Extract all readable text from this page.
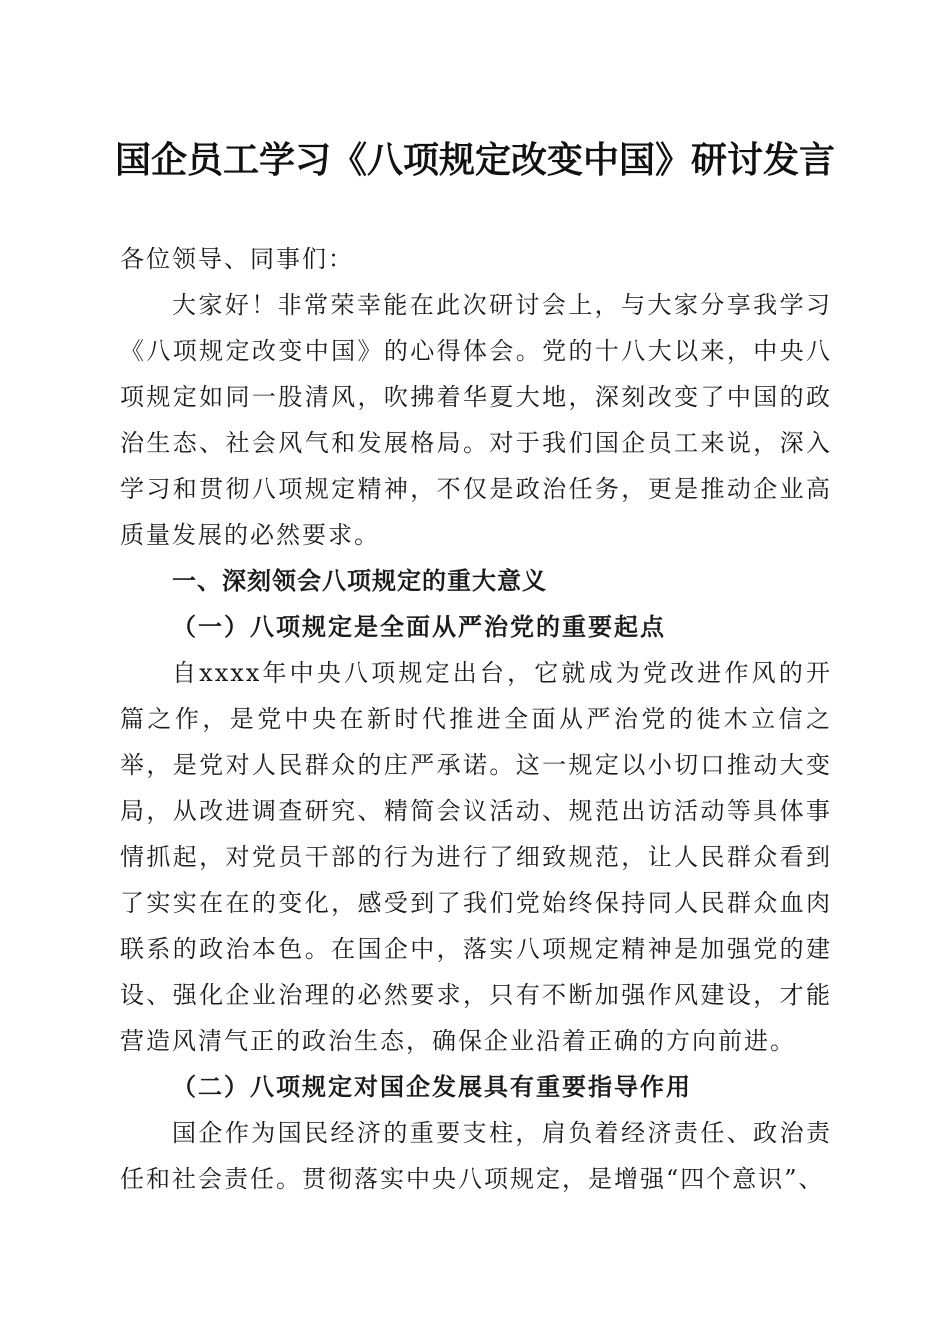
国企员工学习《八项规定改变中国》研讨发言

各位领导、同事们：

大家好！非常荣幸能在此次研讨会上，与大家分享我学习《八项规定改变中国》的心得体会。党的十八大以来，中央八项规定如同一股清风，吹拂着华夏大地，深刻改变了中国的政治生态、社会风气和发展格局。对于我们国企员工来说，深入学习和贯彻八项规定精神，不仅是政治任务，更是推动企业高质量发展的必然要求。

一、深刻领会八项规定的重大意义

（一）八项规定是全面从严治党的重要起点

自xxxx年中央八项规定出台，它就成为党改进作风的开篇之作，是党中央在新时代推进全面从严治党的徙木立信之举，是党对人民群众的庄严承诺。这一规定以小切口推动大变局，从改进调查研究、精简会议活动、规范出访活动等具体事情抓起，对党员干部的行为进行了细致规范，让人民群众看到了实实在在的变化，感受到了我们党始终保持同人民群众血肉联系的政治本色。在国企中，落实八项规定精神是加强党的建设、强化企业治理的必然要求，只有不断加强作风建设，才能营造风清气正的政治生态，确保企业沿着正确的方向前进。

（二）八项规定对国企发展具有重要指导作用

国企作为国民经济的重要支柱，肩负着经济责任、政治责任和社会责任。贯彻落实中央八项规定，是增强“四个意识”、
